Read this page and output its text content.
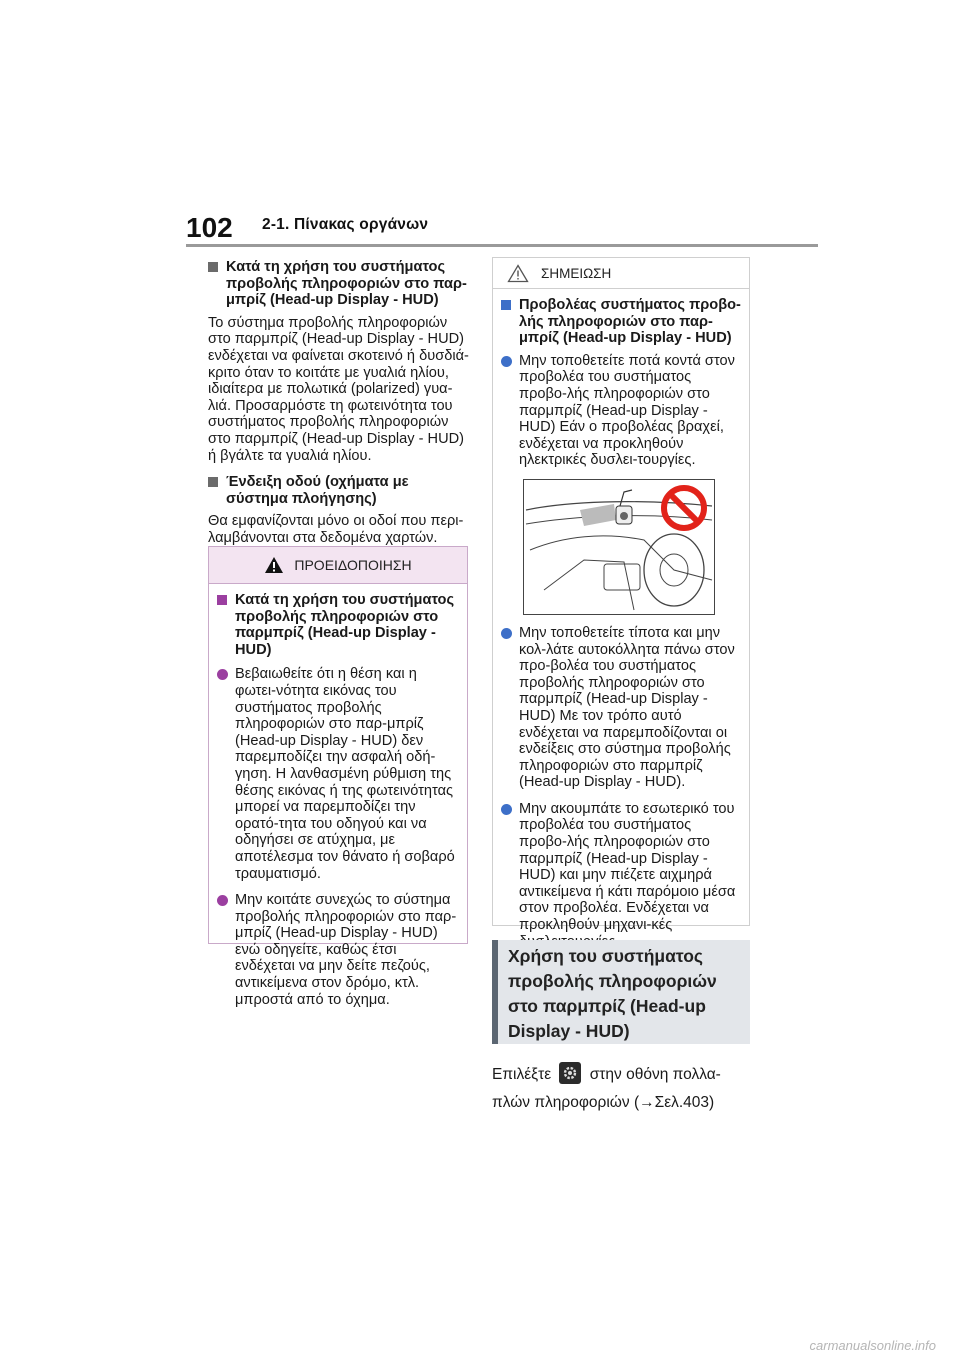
102 2-1. Πίνακας οργάνων

Κατά τη χρήση του συστήματος προβολής πληροφοριών στο παρ-μπρίζ (Head-up Display - HUD)

Το σύστημα προβολής πληροφοριών στο παρμπρίζ (Head-up Display - HUD) ενδέχεται να φαίνεται σκοτεινό ή δυσδιά-κριτο όταν το κοιτάτε με γυαλιά ηλίου, ιδιαίτερα με πολωτικά (polarized) γυα-λιά. Προσαρμόστε τη φωτεινότητα του συστήματος προβολής πληροφοριών στο παρμπρίζ (Head-up Display - HUD) ή βγάλτε τα γυαλιά ηλίου.

Ένδειξη οδού (οχήματα με σύστημα πλοήγησης)

Θα εμφανίζονται μόνο οι οδοί που περι-λαμβάνονται στα δεδομένα χαρτών.

ΠΡΟΕΙΔΟΠΟΙΗΣΗ

Κατά τη χρήση του συστήματος προβολής πληροφοριών στο παρμπρίζ (Head-up Display - HUD)

Βεβαιωθείτε ότι η θέση και η φωτει-νότητα εικόνας του συστήματος προβολής πληροφοριών στο παρ-μπρίζ (Head-up Display - HUD) δεν παρεμποδίζει την ασφαλή οδή-γηση. Η λανθασμένη ρύθμιση της θέσης εικόνας ή της φωτεινότητας μπορεί να παρεμποδίζει την ορατό-τητα του οδηγού και να οδηγήσει σε ατύχημα, με αποτέλεσμα τον θάνατο ή σοβαρό τραυματισμό.

Μην κοιτάτε συνεχώς το σύστημα προβολής πληροφοριών στο παρ-μπρίζ (Head-up Display - HUD) ενώ οδηγείτε, καθώς έτσι ενδέχεται να μην δείτε πεζούς, αντικείμενα στον δρόμο, κτλ. μπροστά από το όχημα.

ΣΗΜΕΙΩΣΗ

Προβολέας συστήματος προβο-λής πληροφοριών στο παρ-μπρίζ (Head-up Display - HUD)

Μην τοποθετείτε ποτά κοντά στον προβολέα του συστήματος προβο-λής πληροφοριών στο παρμπρίζ (Head-up Display - HUD) Εάν ο προβολέας βραχεί, ενδέχεται να προκληθούν ηλεκτρικές δυσλει-τουργίες.

Μην τοποθετείτε τίποτα και μην κολ-λάτε αυτοκόλλητα πάνω στον προ-βολέα του συστήματος προβολής πληροφοριών στο παρμπρίζ (Head-up Display - HUD) Με τον τρόπο αυτό ενδέχεται να παρεμποδίζονται οι ενδείξεις στο σύστημα προβολής πληροφοριών στο παρμπρίζ (Head-up Display - HUD).

Μην ακουμπάτε το εσωτερικό του προβολέα του συστήματος προβο-λής πληροφοριών στο παρμπρίζ (Head-up Display - HUD) και μην πιέζετε αιχμηρά αντικείμενα ή κάτι παρόμοιο μέσα στον προβολέα. Ενδέχεται να προκληθούν μηχανι-κές

Χρήση του συστήματος προβολής πληροφοριών στο παρμπρίζ (Head-up Display - HUD)
Επιλέξτε στην οθόνη πολλα-
πλών πληροφοριών (→Σελ.403)
carmanualsonline.info
